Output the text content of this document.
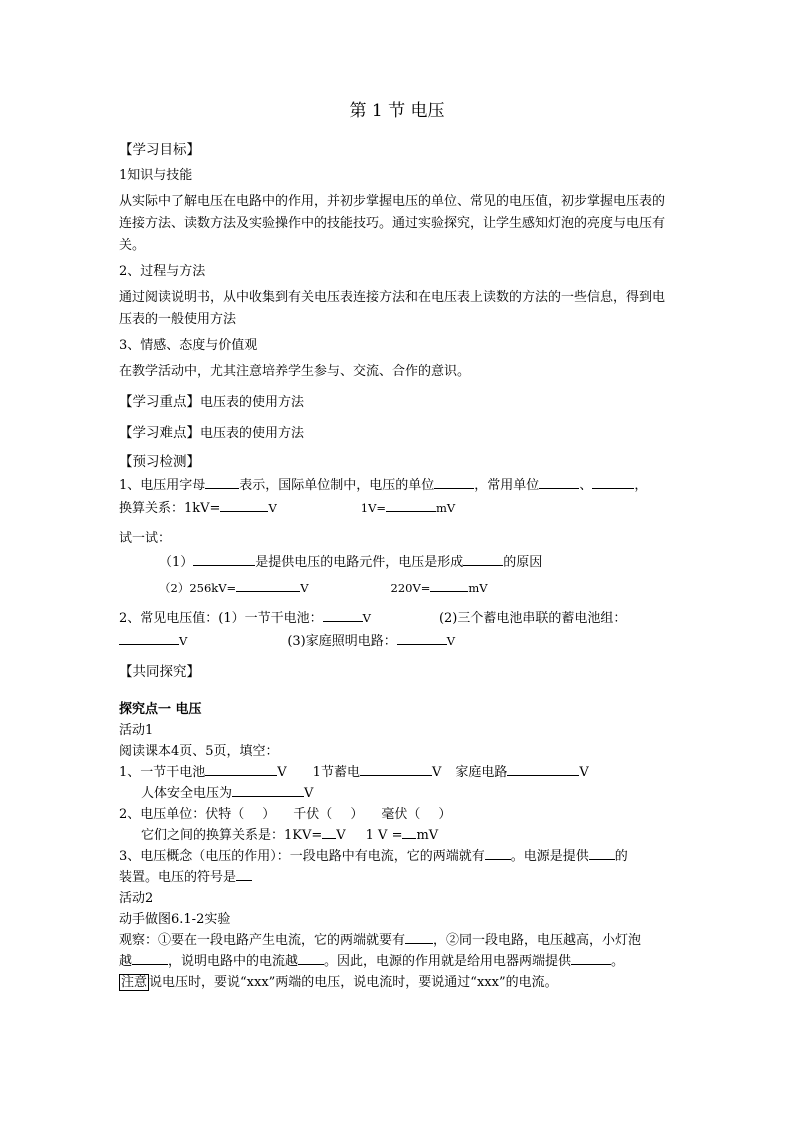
第 1 节 电压
【学习目标】
1知识与技能
从实际中了解电压在电路中的作用，并初步掌握电压的单位、常见的电压值，初步掌握电压表的连接方法、读数方法及实验操作中的技能技巧。通过实验探究，让学生感知灯泡的亮度与电压有关。
2、过程与方法
通过阅读说明书，从中收集到有关电压表连接方法和在电压表上读数的方法的一些信息，得到电压表的一般使用方法
3、情感、态度与价值观
在教学活动中，尤其注意培养学生参与、交流、合作的意识。
【学习重点】电压表的使用方法
【学习难点】电压表的使用方法
【预习检测】
1、电压用字母	表示，国际单位制中，电压的单位	，常用单位	、	，
换算关系：1kV=	V	1V=	mV
试一试：
（1）	是提供电压的电路元件，电压是形成	的原因
（2）256kV=	V	220V=	mV
2、常见电压值：(1）一节干电池：	V	(2)三个蓄电池串联的蓄电池组：
V	(3)家庭照明电路：	V
【共同探究】
探究点一 电压
活动1
阅读课本4页、5页，填空：
1、一节干电池	V 1节蓄电	V 家庭电路	V
人体安全电压为	V
2、电压单位：伏特（ ） 千伏（ ） 毫伏（ ）
它们之间的换算关系是：1KV= V 1 V = mV
3、电压概念（电压的作用）：一段电路中有电流，它的两端就有 。电源是提供 的
装置。电压的符号是
活动2
动手做图6.1-2实验
观察：①要在一段电路产生电流，它的两端就要有 ，②同一段电路，电压越高，小灯泡
越	，说明电路中的电流越 。因此，电源的作用就是给用电器两端提供	。
注意 说电压时，要说“xxx”两端的电压，说电流时，要说通过“xxx”的电流。
